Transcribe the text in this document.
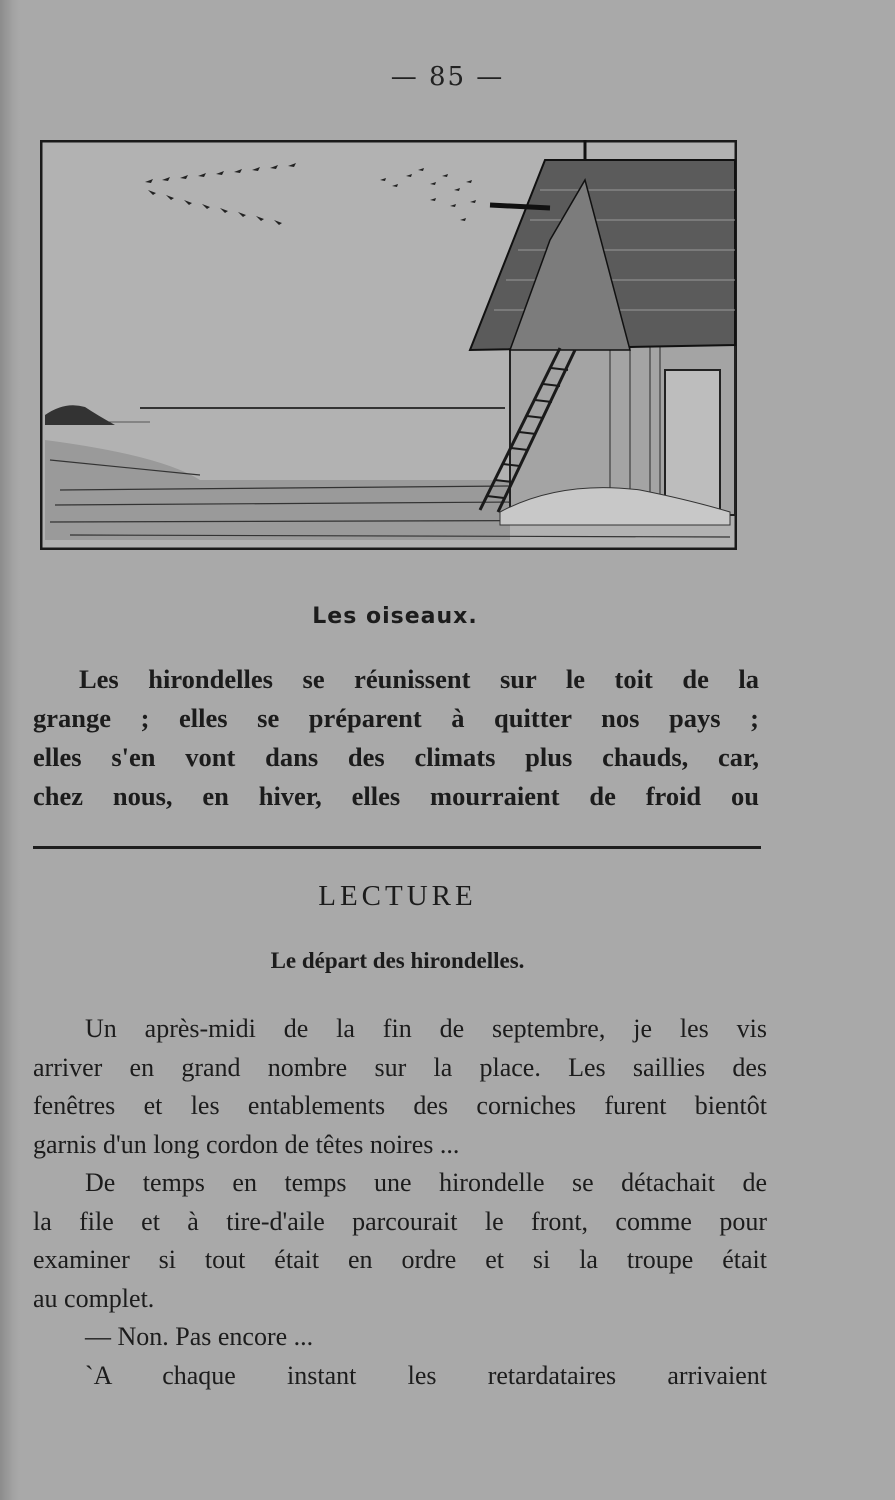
— 85 —
Les oiseaux.
Les hirondelles se réunissent sur le toit de la
grange ; elles se préparent à quitter nos pays ;
elles s'en vont dans des climats plus chauds, car,
chez nous, en hiver, elles mourraient de froid ou
LECTURE
Le départ des hirondelles.
Un après-midi de la fin de septembre, je les vis
arriver en grand nombre sur la place. Les saillies des
fenêtres et les entablements des corniches furent bientôt
garnis d'un long cordon de têtes noires ...
De temps en temps une hirondelle se détachait de
la file et à tire-d'aile parcourait le front, comme pour
examiner si tout était en ordre et si la troupe était
au complet.
— Non. Pas encore ...
`A chaque instant les retardataires arrivaient
